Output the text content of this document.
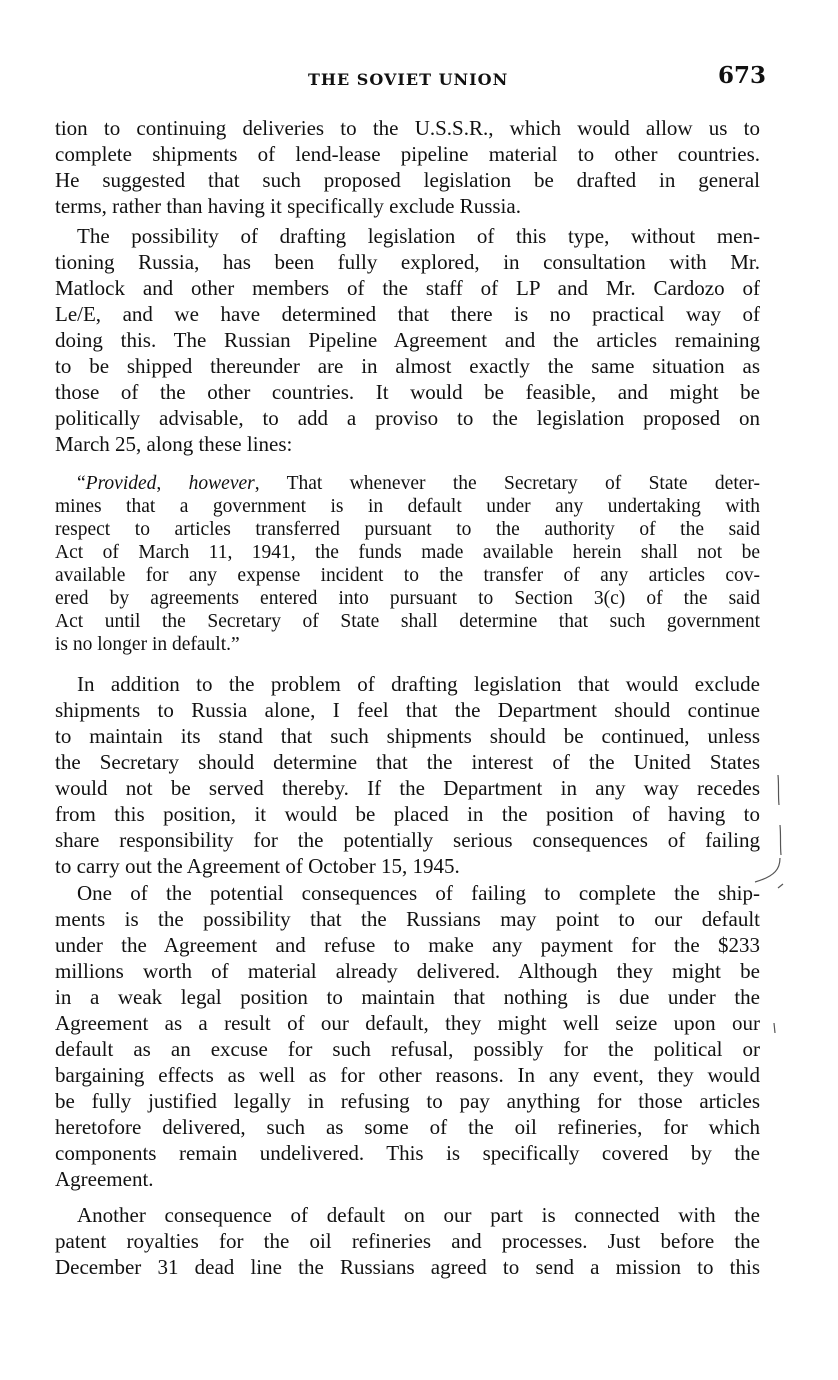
THE SOVIET UNION	673
tion to continuing deliveries to the U.S.S.R., which would allow us to
complete shipments of lend-lease pipeline material to other countries.
He suggested that such proposed legislation be drafted in general
terms, rather than having it specifically exclude Russia.
The possibility of drafting legislation of this type, without men-
tioning Russia, has been fully explored, in consultation with Mr.
Matlock and other members of the staff of LP and Mr. Cardozo of
Le/E, and we have determined that there is no practical way of
doing this. The Russian Pipeline Agreement and the articles remaining
to be shipped thereunder are in almost exactly the same situation as
those of the other countries. It would be feasible, and might be
politically advisable, to add a proviso to the legislation proposed on
March 25, along these lines:
“Provided, however, That whenever the Secretary of State deter-
mines that a government is in default under any undertaking with
respect to articles transferred pursuant to the authority of the said
Act of March 11, 1941, the funds made available herein shall not be
available for any expense incident to the transfer of any articles cov-
ered by agreements entered into pursuant to Section 3(c) of the said
Act until the Secretary of State shall determine that such government
is no longer in default.”
In addition to the problem of drafting legislation that would exclude
shipments to Russia alone, I feel that the Department should continue
to maintain its stand that such shipments should be continued, unless
the Secretary should determine that the interest of the United States
would not be served thereby. If the Department in any way recedes
from this position, it would be placed in the position of having to
share responsibility for the potentially serious consequences of failing
to carry out the Agreement of October 15, 1945.
One of the potential consequences of failing to complete the ship-
ments is the possibility that the Russians may point to our default
under the Agreement and refuse to make any payment for the $233
millions worth of material already delivered. Although they might be
in a weak legal position to maintain that nothing is due under the
Agreement as a result of our default, they might well seize upon our
default as an excuse for such refusal, possibly for the political or
bargaining effects as well as for other reasons. In any event, they would
be fully justified legally in refusing to pay anything for those articles
heretofore delivered, such as some of the oil refineries, for which
components remain undelivered. This is specifically covered by the
Agreement.
Another consequence of default on our part is connected with the
patent royalties for the oil refineries and processes. Just before the
December 31 dead line the Russians agreed to send a mission to this
